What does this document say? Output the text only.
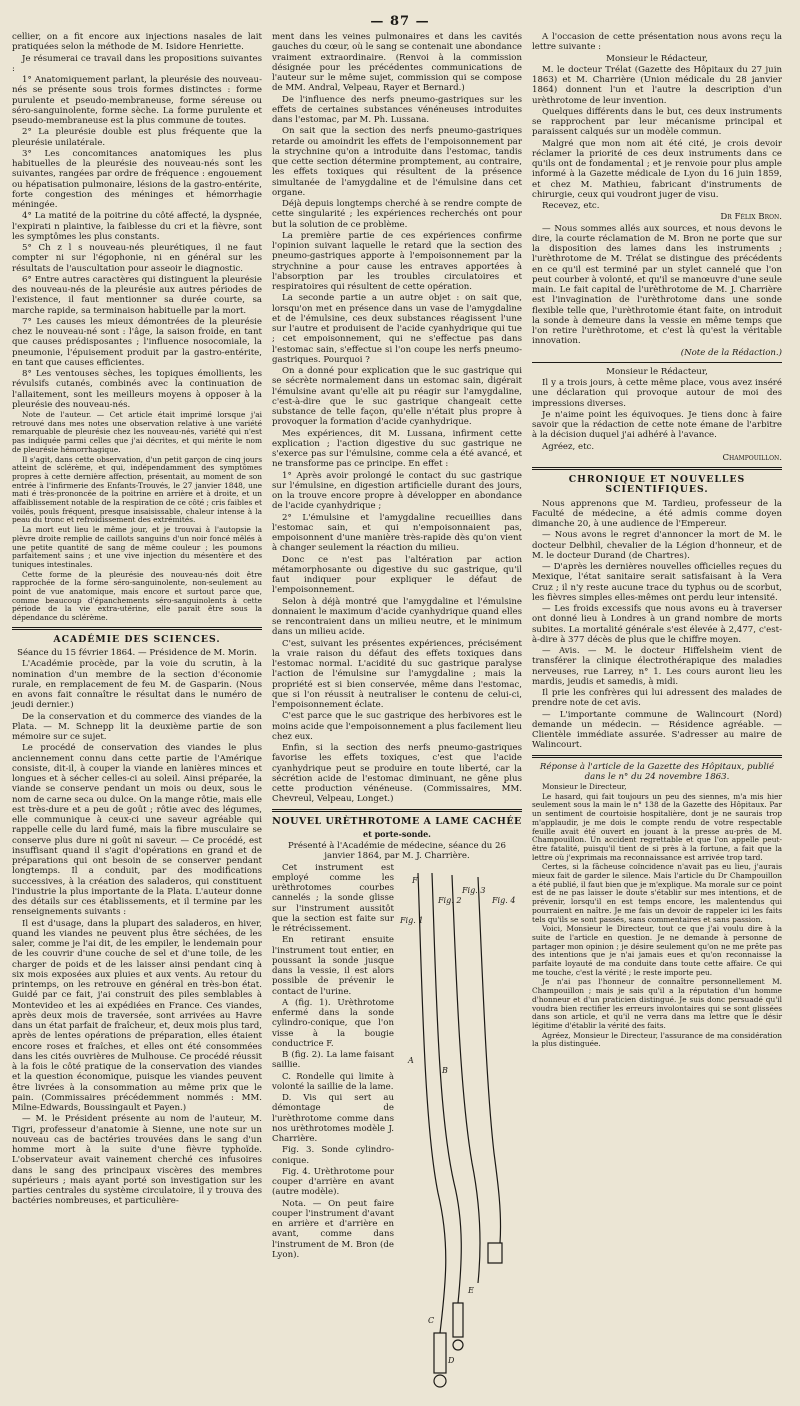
— 87 —

cellier, on a fit encore aux injections nasales de lait pratiquées selon la méthode de M. Isidore Henriette.

Je résumerai ce travail dans les propositions suivantes :

1° Anatomiquement parlant, la pleurésie des nouveau-nés se présente sous trois formes distinctes : forme purulente et pseudo-membraneuse, forme séreuse ou séro-sanguinolente, forme sèche. La forme purulente et pseudo-membraneuse est la plus commune de toutes.

2° La pleurésie double est plus fréquente que la pleurésie unilatérale.

3° Les concomitances anatomiques les plus habituelles de la pleurésie des nouveau-nés sont les suivantes, rangées par ordre de fréquence : engouement ou hépatisation pulmonaire, lésions de la gastro-entérite, forte congestion des méninges et hémorrhagie méningée.

4° La matité de la poitrine du côté affecté, la dyspnée, l'expirati n plaintive, la faiblesse du cri et la fièvre, sont les symptômes les plus constants.

5° Ch z l s nouveau-nés pleurétiques, il ne faut compter ni sur l'égophonie, ni en général sur les résultats de l'auscultation pour asseoir le diagnostic.

6° Entre autres caractères qui distinguent la pleurésie des nouveau-nés de la pleurésie aux autres périodes de l'existence, il faut mentionner sa durée courte, sa marche rapide, sa terminaison habituelle par la mort.

7° Les causes les mieux démontrées de la pleurésie chez le nouveau-né sont : l'âge, la saison froide, en tant que causes prédisposantes ; l'influence nosocomiale, la pneumonie, l'épuisement produit par la gastro-entérite, en tant que causes efficientes.

8° Les ventouses sèches, les topiques émollients, les révulsifs cutanés, combinés avec la continuation de l'allaitement, sont les meilleurs moyens à opposer à la pleurésie des nouveau-nés.

Note de l'auteur. — Cet article était imprimé lorsque j'ai retrouvé dans mes notes une observation relative à une variété remarquable de pleurésie chez les nouveau-nés, variété qui n'est pas indiquée parmi celles que j'ai décrites, et qui mérite le nom de pleurésie hémorrhagique.

Il s'agit, dans cette observation, d'un petit garçon de cinq jours atteint de sclérème, et qui, indépendamment des symptômes propres à cette dernière affection, présentait, au moment de son entrée à l'infirmerie des Enfants-Trouvés, le 27 janvier 1848, une mati é très-prononcée de la poitrine en arrière et à droite, et un affaiblissement notable de la respiration de ce côté ; cris faibles et voilés, pouls fréquent, presque insaisissable, chaleur intense à la peau du tronc et refroidissement des extrémités.

La mort eut lieu le même jour, et je trouvai à l'autopsie la plèvre droite remplie de caillots sanguins d'un noir foncé mêlés à une petite quantité de sang de même couleur ; les poumons parfaitement sains ; et une vive injection du mésentère et des tuniques intestinales.

Cette forme de la pleurésie des nouveau-nés doit être rapprochée de la forme séro-sanguinolente, non-seulement au point de vue anatomique, mais encore et surtout parce que, comme beaucoup d'épanchements séro-sanguinolents à cette période de la vie extra-utérine, elle paraît être sous la dépendance du sclérème.

ACADÉMIE DES SCIENCES.

Séance du 15 février 1864. — Présidence de M. Morin.

L'Académie procède, par la voie du scrutin, à la nomination d'un membre de la section d'économie rurale, en remplacement de feu M. de Gasparin. (Nous en avons fait connaître le résultat dans le numéro de jeudi dernier.)

De la conservation et du commerce des viandes de la Plata. — M. Schnepp lit la deuxième partie de son mémoire sur ce sujet.

Le procédé de conservation des viandes le plus anciennement connu dans cette partie de l'Amérique consiste, dit-il, à couper la viande en lanières minces et longues et à sécher celles-ci au soleil. Ainsi préparée, la viande se conserve pendant un mois ou deux, sous le nom de carne seca ou dulce. On la mange rôtie, mais elle est très-dure et a peu de goût ; rôtie avec des légumes, elle communique à ceux-ci une saveur agréable qui rappelle celle du lard fumé, mais la fibre musculaire se conserve plus dure ni goût ni saveur. — Ce procédé, est insuffisant quand il s'agit d'opérations en grand et de préparations qui ont besoin de se conserver pendant longtemps. Il a conduit, par des modifications successives, à la création des saladeros, qui constituent l'industrie la plus importante de la Plata. L'auteur donne des détails sur ces établissements, et il termine par les renseignements suivants :

Il est d'usage, dans la plupart des saladeros, en hiver, quand les viandes ne peuvent plus être séchées, de les saler, comme je l'ai dit, de les empiler, le lendemain pour de les couvrir d'une couche de sel et d'une toile, de les charger de poids et de les laisser ainsi pendant cinq à six mois exposées aux pluies et aux vents. Au retour du printemps, on les retrouve en général en très-bon état. Guidé par ce fait, j'ai construit des piles semblables à Montevideo et les ai expédiées en France. Ces viandes, après deux mois de traversée, sont arrivées au Havre dans un état parfait de fraîcheur, et, deux mois plus tard, après de lentes opérations de préparation, elles étaient encore roses et fraîches, et elles ont été consommées dans les cités ouvrières de Mulhouse. Ce procédé réussit à la fois le côté pratique de la conservation des viandes et la question économique, puisque les viandes peuvent être livrées à la consommation au même prix que le pain. (Commissaires précédemment nommés : MM. Milne-Edwards, Boussingault et Payen.)

— M. le Président présente au nom de l'auteur, M. Tigri, professeur d'anatomie à Sienne, une note sur un nouveau cas de bactéries trouvées dans le sang d'un homme mort à la suite d'une fièvre typhoïde. L'observateur avait vainement cherché ces infusoires dans le sang des principaux viscères des membres supérieurs ; mais ayant porté son investigation sur les parties centrales du système circulatoire, il y trouva des bactéries nombreuses, et particulière-

ment dans les veines pulmonaires et dans les cavités gauches du cœur, où le sang se contenait une abondance vraiment extraordinaire. (Renvoi à la commission désignée pour les précédentes communications de l'auteur sur le même sujet, commission qui se compose de MM. Andral, Velpeau, Rayer et Bernard.)

De l'influence des nerfs pneumo-gastriques sur les effets de certaines substances vénéneuses introduites dans l'estomac, par M. Ph. Lussana.

On sait que la section des nerfs pneumo-gastriques retarde ou amoindrit les effets de l'empoisonnement par la strychnine qu'on a introduite dans l'estomac, tandis que cette section détermine promptement, au contraire, les effets toxiques qui résultent de la présence simultanée de l'amygdaline et de l'émulsine dans cet organe.

Déjà depuis longtemps cherché à se rendre compte de cette singularité ; les expériences recherchés ont pour but la solution de ce problème.

La première partie de ces expériences confirme l'opinion suivant laquelle le retard que la section des pneumo-gastriques apporte à l'empoisonnement par la strychnine a pour cause les entraves apportées à l'absorption par les troubles circulatoires et respiratoires qui résultent de cette opération.

La seconde partie a un autre objet : on sait que, lorsqu'on met en présence dans un vase de l'amygdaline et de l'émulsine, ces deux substances réagissent l'une sur l'autre et produisent de l'acide cyanhydrique qui tue ; cet empoisonnement, qui ne s'effectue pas dans l'estomac sain, s'effectue si l'on coupe les nerfs pneumo-gastriques. Pourquoi ?

On a donné pour explication que le suc gastrique qui se sécrète normalement dans un estomac sain, digérait l'émulsine avant qu'elle ait pu réagir sur l'amygdaline, c'est-à-dire que le suc gastrique changeait cette substance de telle façon, qu'elle n'était plus propre à provoquer la formation d'acide cyanhydrique.

Mes expériences, dit M. Lussana, infirment cette explication ; l'action digestive du suc gastrique ne s'exerce pas sur l'émulsine, comme cela a été avancé, et ne transforme pas ce principe. En effet :

1° Après avoir prolongé le contact du suc gastrique sur l'émulsine, en digestion artificielle durant des jours, on la trouve encore propre à développer en abondance de l'acide cyanhydrique ;

2° L'émulsine et l'amygdaline recueillies dans l'estomac sain, et qui n'empoisonnaient pas, empoisonnent d'une manière très-rapide dès qu'on vient à changer seulement la réaction du milieu.

Donc ce n'est pas l'altération par action métamorphosante ou digestive du suc gastrique, qu'il faut indiquer pour expliquer le défaut de l'empoisonnement.

Selon à déjà montré que l'amygdaline et l'émulsine donnaient le maximum d'acide cyanhydrique quand elles se rencontraient dans un milieu neutre, et le minimum dans un milieu acide.

C'est, suivant les présentes expériences, précisément la vraie raison du défaut des effets toxiques dans l'estomac normal. L'acidité du suc gastrique paralyse l'action de l'émulsine sur l'amygdaline ; mais la propriété est si bien conservée, même dans l'estomac, que si l'on réussit à neutraliser le contenu de celui-ci, l'empoisonnement éclate.

C'est parce que le suc gastrique des herbivores est le moins acide que l'empoisonnement a plus facilement lieu chez eux.

Enfin, si la section des nerfs pneumo-gastriques favorise les effets toxiques, c'est que l'acide cyanhydrique peut se produire en toute liberté, car la sécrétion acide de l'estomac diminuant, ne gêne plus cette production vénéneuse. (Commissaires, MM. Chevreul, Velpeau, Longet.)

NOUVEL URÈTHROTOME A LAME CACHÉE
et porte-sonde.

Présenté à l'Académie de médecine, séance du 26 janvier 1864, par M. J. Charrière.

Cet instrument est employé comme les urèthrotomes courbes cannelés ; la sonde glisse sur l'instrument aussitôt que la section est faite sur le rétrécissement.

En retirant ensuite l'instrument tout entier, en poussant la sonde jusque dans la vessie, il est alors possible de prévenir le contact de l'urine.

A (fig. 1). Urèthrotome enfermé dans la sonde cylindro-conique, que l'on visse à la bougie conductrice F.

B (fig. 2). La lame faisant saillie.

C. Rondelle qui limite à volonté la saillie de la lame.

D. Vis qui sert au démontage de l'urèthrotome comme dans nos urèthrotomes modèle J. Charrière.

Fig. 3. Sonde cylindro-conique.

Fig. 4. Urèthrotome pour couper d'arrière en avant (autre modèle).

Nota. — On peut faire couper l'instrument d'avant en arrière et d'arrière en avant, comme dans l'instrument de M. Bron (de Lyon).

Fig. 1
Fig. 2
Fig. 3
Fig. 4
A
B
C
D
E
F

A l'occasion de cette présentation nous avons reçu la lettre suivante :

Monsieur le Rédacteur,

M. le docteur Trélat (Gazette des Hôpitaux du 27 juin 1863) et M. Charrière (Union médicale du 28 janvier 1864) donnent l'un et l'autre la description d'un urèthrotome de leur invention.

Quelques différents dans le but, ces deux instruments se rapprochent par leur mécanisme principal et paraissent calqués sur un modèle commun.

Malgré que mon nom ait été cité, je crois devoir réclamer la priorité de ces deux instruments dans ce qu'ils ont de fondamental ; et je renvoie pour plus ample informé à la Gazette médicale de Lyon du 16 juin 1859, et chez M. Mathieu, fabricant d'instruments de chirurgie, ceux qui voudront juger de visu.

Recevez, etc.

Dr Félix Bron.

— Nous sommes allés aux sources, et nous devons le dire, la courte réclamation de M. Bron ne porte que sur la disposition des lames dans les instruments ; l'urèthrotome de M. Trélat se distingue des précédents en ce qu'il est terminé par un stylet cannelé que l'on peut courber à volonté, et qu'il se manœuvre d'une seule main. Le fait capital de l'urèthrotome de M. J. Charrière est l'invagination de l'urèthrotome dans une sonde flexible telle que, l'urèthrotomie étant faite, on introduit la sonde à demeure dans la vessie en même temps que l'on retire l'urèthrotome, et c'est là qu'est la véritable innovation.

(Note de la Rédaction.)

Monsieur le Rédacteur,

Il y a trois jours, à cette même place, vous avez inséré une déclaration qui provoque autour de moi des impressions diverses.

Je n'aime point les équivoques. Je tiens donc à faire savoir que la rédaction de cette note émane de l'arbitre à la décision duquel j'ai adhéré à l'avance.

Agréez, etc.

Champouillon.

CHRONIQUE ET NOUVELLES SCIENTIFIQUES.

Nous apprenons que M. Tardieu, professeur de la Faculté de médecine, a été admis comme doyen dimanche 20, à une audience de l'Empereur.

— Nous avons le regret d'annoncer la mort de M. le docteur Delbhil, chevalier de la Légion d'honneur, et de M. le docteur Durand (de Chartres).

— D'après les dernières nouvelles officielles reçues du Mexique, l'état sanitaire serait satisfaisant à la Vera Cruz ; il n'y reste aucune trace du typhus ou de scorbut, les fièvres simples elles-mêmes ont perdu leur intensité.

— Les froids excessifs que nous avons eu à traverser ont donné lieu à Londres à un grand nombre de morts subites. La mortalité générale s'est élevée à 2,477, c'est-à-dire à 377 décès de plus que le chiffre moyen.

— Avis. — M. le docteur Hiffelsheim vient de transférer la clinique électrothérapique des maladies nerveuses, rue Larrey, n° 1. Les cours auront lieu les mardis, jeudis et samedis, à midi.

Il prie les confrères qui lui adressent des malades de prendre note de cet avis.

— L'importante commune de Walincourt (Nord) demande un médecin. — Résidence agréable. — Clientèle immédiate assurée. S'adresser au maire de Walincourt.

Réponse à l'article de la Gazette des Hôpitaux, publié dans le n° du 24 novembre 1863.

Monsieur le Directeur,

Le hasard, qui fait toujours un peu des siennes, m'a mis hier seulement sous la main le n° 138 de la Gazette des Hôpitaux. Par un sentiment de courtoisie hospitalière, dont je ne saurais trop m'applaudir, je me dois le compte rendu de votre respectable feuille avait été ouvert en jouant à la presse au-près de M. Champouillon. Un accident regrettable et que l'on appelle peut-être fatalité, puisqu'il tient de si près à la fortune, a fait que la lettre où j'exprimais ma reconnaissance est arrivée trop tard.

Certes, si la fâcheuse coïncidence n'avait pas eu lieu, j'aurais mieux fait de garder le silence. Mais l'article du Dr Champouillon a été publié, il faut bien que je m'explique. Ma morale sur ce point est de ne pas laisser le doute s'établir sur mes intentions, et de prévenir, lorsqu'il en est temps encore, les malentendus qui pourraient en naître. Je me fais un devoir de rappeler ici les faits tels qu'ils se sont passés, sans commentaires et sans passion.

Voici, Monsieur le Directeur, tout ce que j'ai voulu dire à la suite de l'article en question. Je ne demande à personne de partager mon opinion ; je désire seulement qu'on ne me prête pas des intentions que je n'ai jamais eues et qu'on reconnaisse la parfaite loyauté de ma conduite dans toute cette affaire. Ce qui me touche, c'est la vérité ; le reste importe peu.

Je n'ai pas l'honneur de connaître personnellement M. Champouillon ; mais je sais qu'il a la réputation d'un homme d'honneur et d'un praticien distingué. Je suis donc persuadé qu'il voudra bien rectifier les erreurs involontaires qui se sont glissées dans son article, et qu'il ne verra dans ma lettre que le désir légitime d'établir la vérité des faits.

Agréez, Monsieur le Directeur, l'assurance de ma considération la plus distinguée.
